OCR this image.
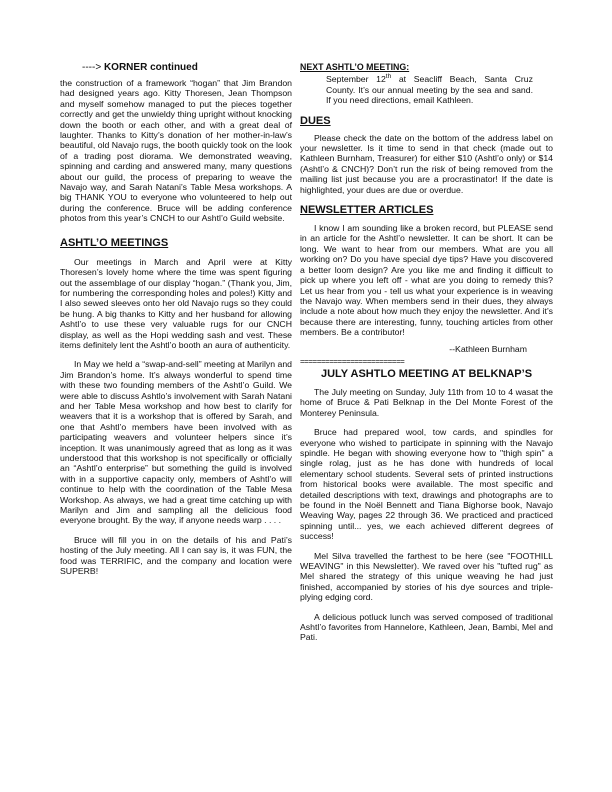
----> KORNER continued

the construction of a framework “hogan” that Jim Brandon had designed years ago. Kitty Thoresen, Jean Thompson and myself somehow managed to put the pieces together correctly and get the unwieldy thing upright without knocking down the booth or each other, and with a great deal of laughter. Thanks to Kitty’s donation of her mother-in-law’s beautiful, old Navajo rugs, the booth quickly took on the look of a trading post diorama. We demonstrated weaving, spinning and carding and answered many, many questions about our guild, the process of preparing to weave the Navajo way, and Sarah Natani’s Table Mesa workshops. A big THANK YOU to everyone who volunteered to help out during the conference. Bruce will be adding conference photos from this year’s CNCH to our Ashtl’o Guild website.

ASHTL’O MEETINGS

Our meetings in March and April were at Kitty Thoresen’s lovely home where the time was spent figuring out the assemblage of our display “hogan.” (Thank you, Jim, for numbering the corresponding holes and poles!) Kitty and I also sewed sleeves onto her old Navajo rugs so they could be hung. A big thanks to Kitty and her husband for allowing Ashtl’o to use these very valuable rugs for our CNCH display, as well as the Hopi wedding sash and vest. These items definitely lent the Ashtl’o booth an aura of authenticity.

In May we held a “swap-and-sell” meeting at Marilyn and Jim Brandon’s home. It’s always wonderful to spend time with these two founding members of the Ashtl’o Guild. We were able to discuss Ashtlo’s involvement with Sarah Natani and her Table Mesa workshop and how best to clarify for weavers that it is a workshop that is offered by Sarah, and one that Ashtl’o members have been involved with as participating weavers and volunteer helpers since it’s inception. It was unanimously agreed that as long as it was understood that this workshop is not specifically or officially an “Ashtl’o enterprise” but something the guild is involved with in a supportive capacity only, members of Ashtl’o will continue to help with the coordination of the Table Mesa Workshop. As always, we had a great time catching up with Marilyn and Jim and sampling all the delicious food everyone brought. By the way, if anyone needs warp . . . .

Bruce will fill you in on the details of his and Pati’s hosting of the July meeting. All I can say is, it was FUN, the food was TERRIFIC, and the company and location were SUPERB!

NEXT ASHTL’O MEETING:

September 12th at Seacliff Beach, Santa Cruz County. It’s our annual meeting by the sea and sand. If you need directions, email Kathleen.

DUES

Please check the date on the bottom of the address label on your newsletter. Is it time to send in that check (made out to Kathleen Burnham, Treasurer) for either $10 (Ashtl’o only) or $14 (Ashtl’o & CNCH)? Don’t run the risk of being removed from the mailing list just because you are a procrastinator! If the date is highlighted, your dues are due or overdue.

NEWSLETTER ARTICLES

I know I am sounding like a broken record, but PLEASE send in an article for the Ashtl’o newsletter. It can be short. It can be long. We want to hear from our members. What are you all working on? Do you have special dye tips? Have you discovered a better loom design? Are you like me and finding it difficult to pick up where you left off - what are you doing to remedy this? Let us hear from you - tell us what your experience is in weaving the Navajo way. When members send in their dues, they always include a note about how much they enjoy the newsletter. And it’s because there are interesting, funny, touching articles from other members. Be a contributor!

--Kathleen Burnham

=========================
JULY ASHTLO MEETING AT BELKNAP’S

The July meeting on Sunday, July 11th from 10 to 4 wasat the home of Bruce & Pati Belknap in the Del Monte Forest of the Monterey Peninsula.

Bruce had prepared wool, tow cards, and spindles for everyone who wished to participate in spinning with the Navajo spindle. He began with showing everyone how to "thigh spin" a single rolag, just as he has done with hundreds of local elementary school students. Several sets of printed instructions from historical books were available. The most specific and detailed descriptions with text, drawings and photographs are to be found in the Noël Bennett and Tiana Bighorse book, Navajo Weaving Way, pages 22 through 36. We practiced and practiced spinning until... yes, we each achieved different degrees of success!

Mel Silva travelled the farthest to be here (see "FOOTHILL WEAVING" in this Newsletter). We raved over his "tufted rug" as Mel shared the strategy of this unique weaving he had just finished, accompanied by stories of his dye sources and triple-plying edging cord.

A delicious potluck lunch was served composed of traditional Ashtl’o favorites from Hannelore, Kathleen, Jean, Bambi, Mel and Pati.
